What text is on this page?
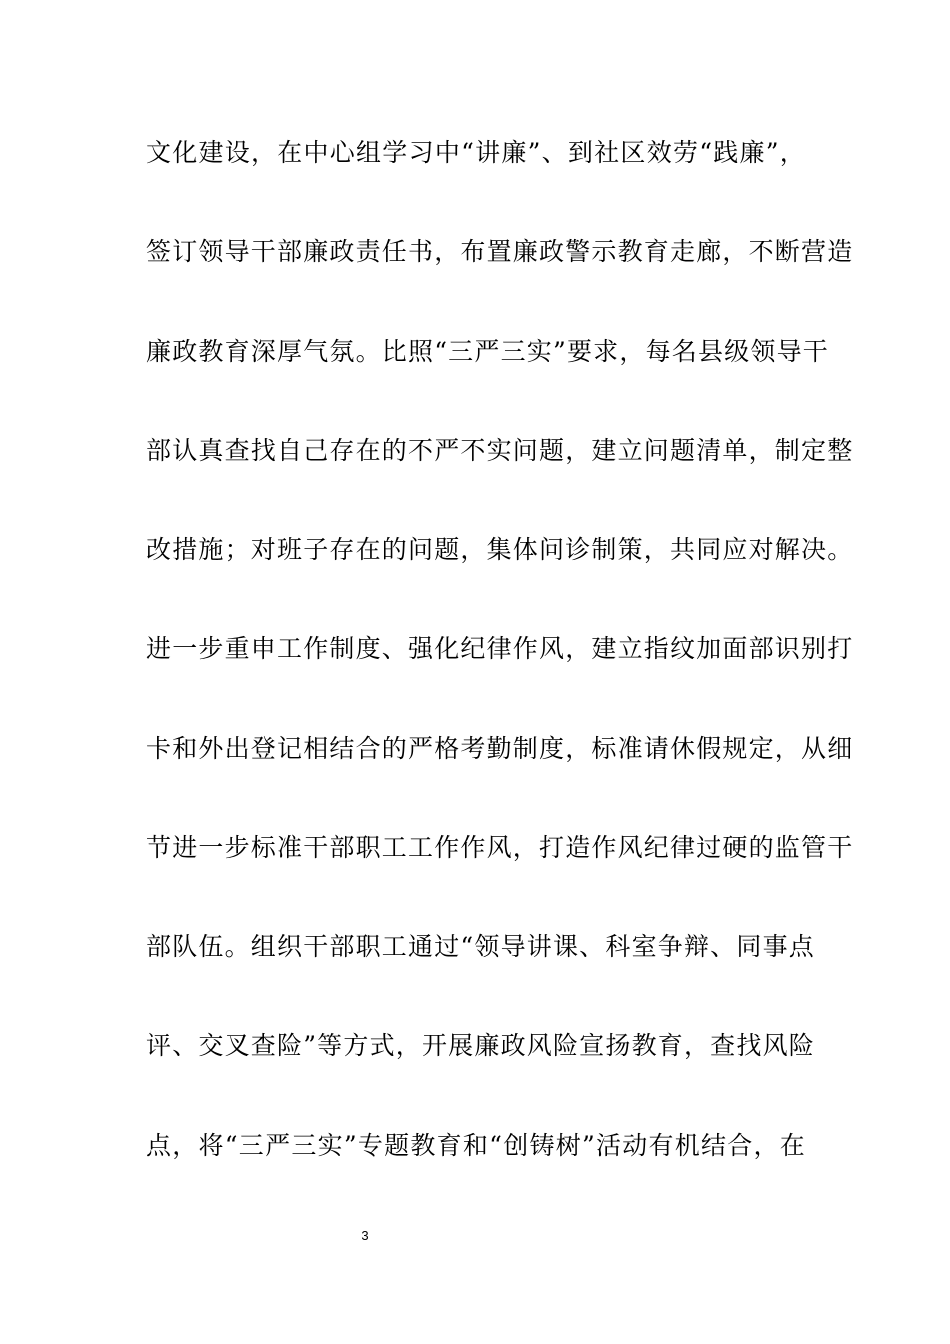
文化建设，在中心组学习中“讲廉”、到社区效劳“践廉”，
签订领导干部廉政责任书，布置廉政警示教育走廊，不断营造
廉政教育深厚气氛。比照“三严三实”要求，每名县级领导干
部认真查找自己存在的不严不实问题，建立问题清单，制定整
改措施；对班子存在的问题，集体问诊制策，共同应对解决。
进一步重申工作制度、强化纪律作风，建立指纹加面部识别打
卡和外出登记相结合的严格考勤制度，标准请休假规定，从细
节进一步标准干部职工工作作风，打造作风纪律过硬的监管干
部队伍。组织干部职工通过“领导讲课、科室争辩、同事点
评、交叉查险”等方式，开展廉政风险宣扬教育，查找风险
点，将“三严三实”专题教育和“创铸树”活动有机结合，在
3
